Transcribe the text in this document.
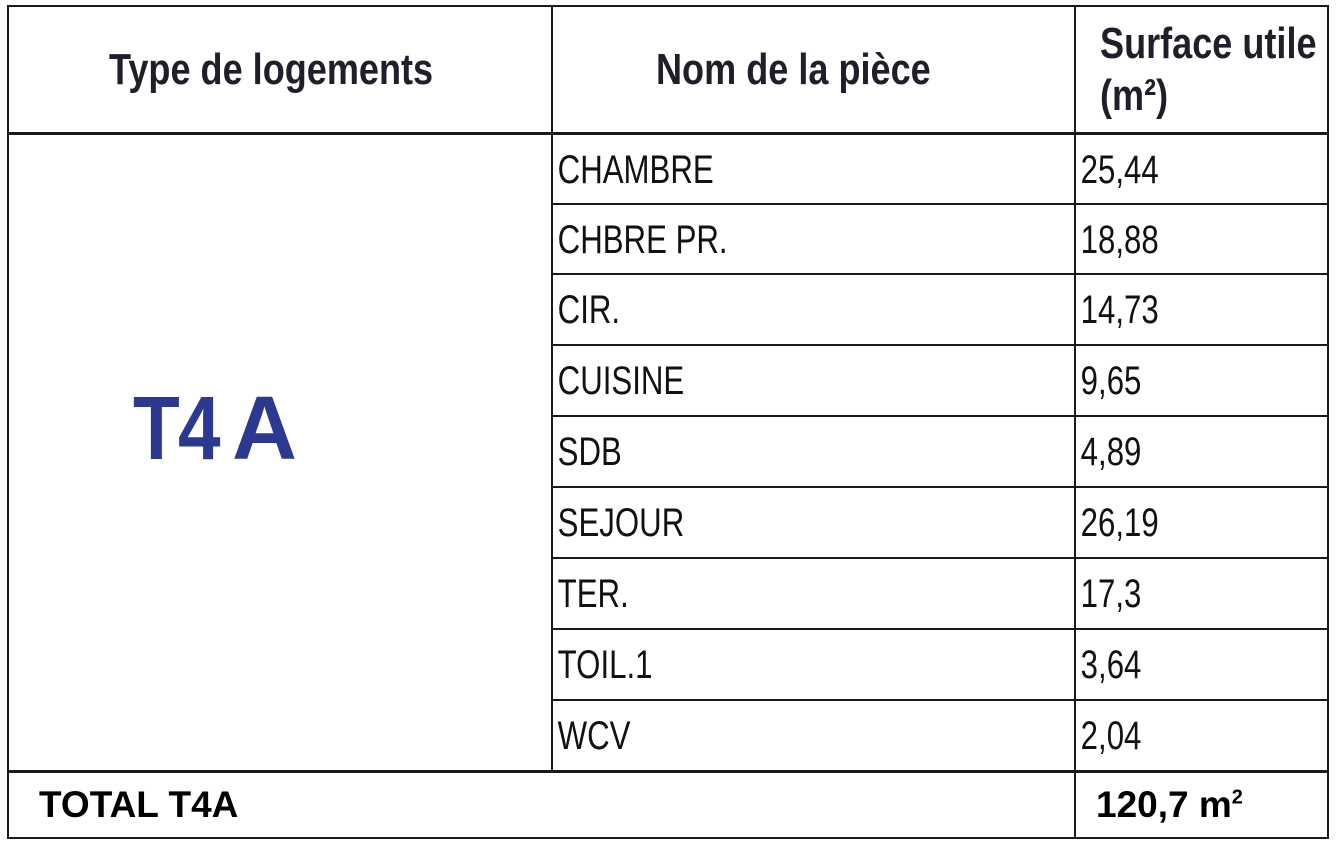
Type de logements	Nom de la pièce
Surface utile
(m²)
T4 A
CHAMBRE	25,44
CHBRE PR.	18,88
CIR.	14,73
CUISINE	9,65
SDB	4,89
SEJOUR	26,19
TER.	17,3
TOIL.1	3,64
WCV	2,04
TOTAL T4A	120,7 $m^2$
